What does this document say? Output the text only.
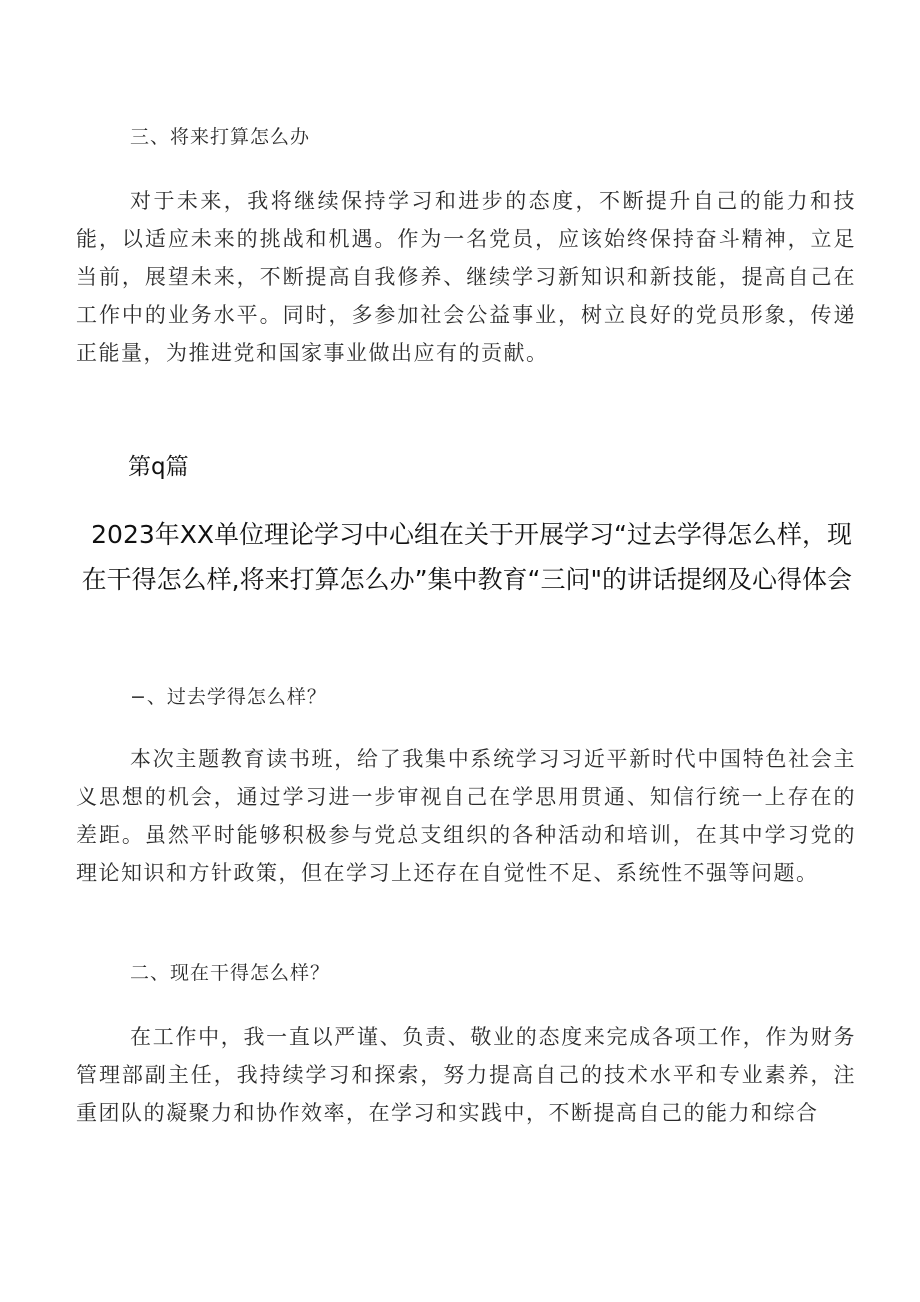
三、将来打算怎么办

对于未来，我将继续保持学习和进步的态度，不断提升自己的能力和技能，以适应未来的挑战和机遇。作为一名党员，应该始终保持奋斗精神，立足当前，展望未来，不断提高自我修养、继续学习新知识和新技能，提高自己在工作中的业务水平。同时，多参加社会公益事业，树立良好的党员形象，传递正能量，为推进党和国家事业做出应有的贡献。

第q篇
2023年XX单位理论学习中心组在关于开展学习“过去学得怎么样，现在干得怎么样,将来打算怎么办”集中教育“三问"的讲话提纲及心得体会
−、过去学得怎么样？

本次主题教育读书班，给了我集中系统学习习近平新时代中国特色社会主义思想的机会，通过学习进一步审视自己在学思用贯通、知信行统一上存在的差距。虽然平时能够积极参与党总支组织的各种活动和培训，在其中学习党的理论知识和方针政策，但在学习上还存在自觉性不足、系统性不强等问题。

二、现在干得怎么样？

在工作中，我一直以严谨、负责、敬业的态度来完成各项工作，作为财务管理部副主任，我持续学习和探索，努力提高自己的技术水平和专业素养，注重团队的凝聚力和协作效率，在学习和实践中，不断提高自己的能力和综合
